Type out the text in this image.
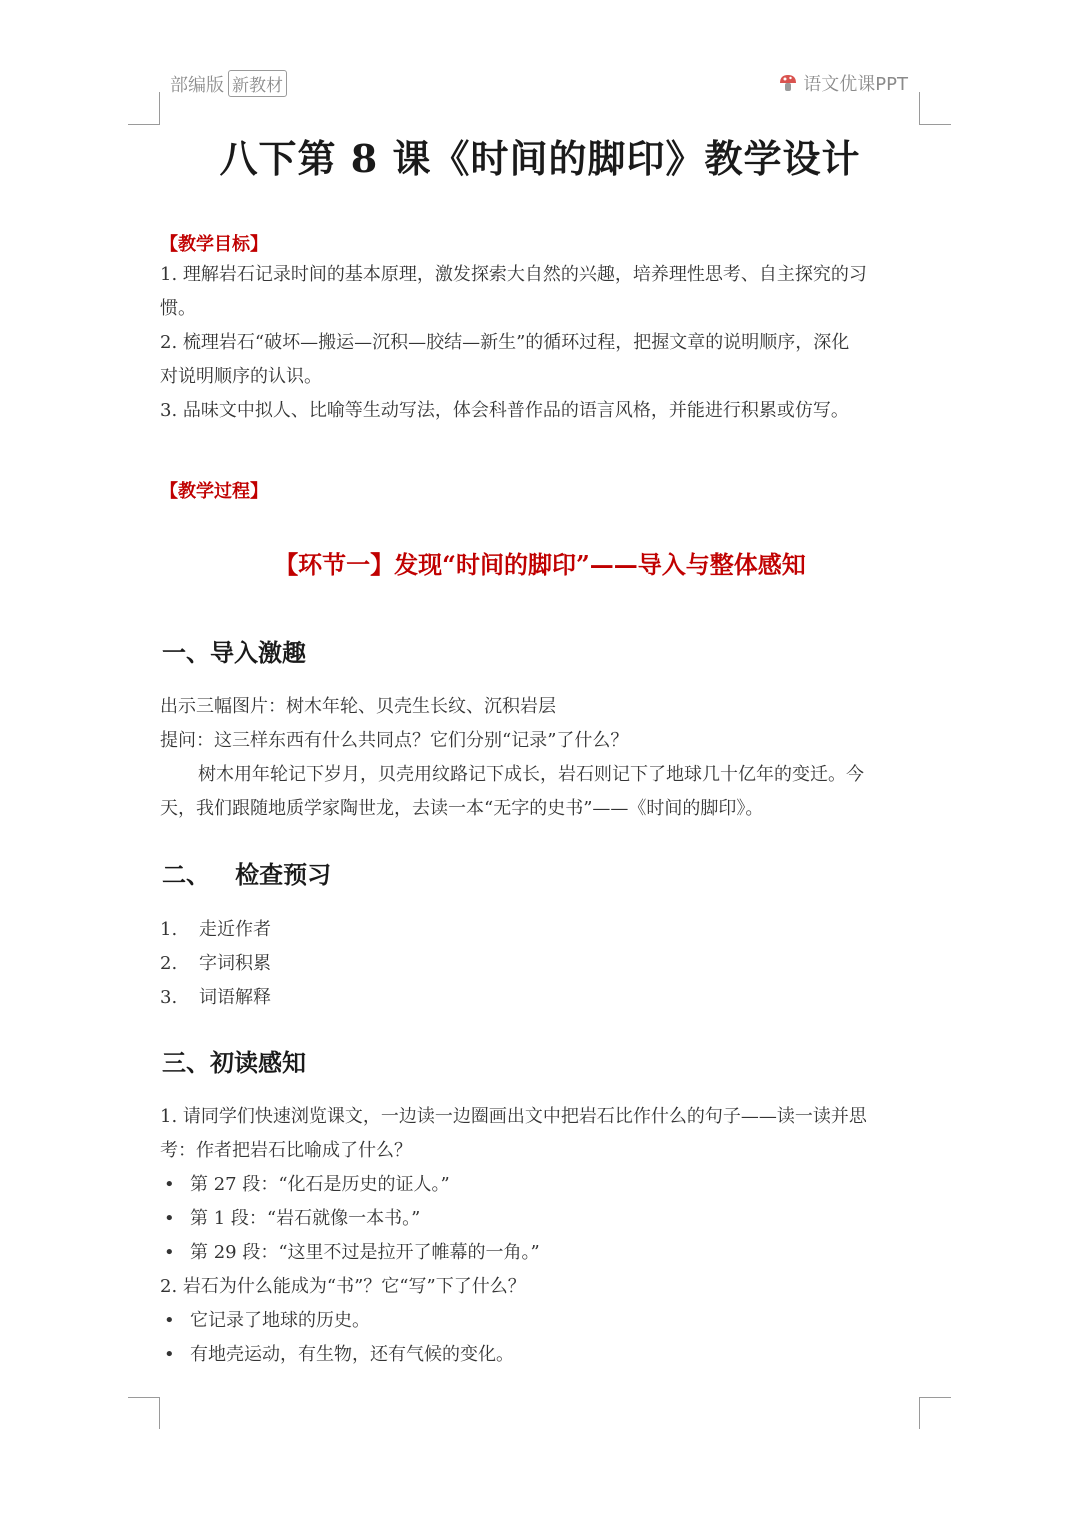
部编版 新教材	语文优课PPT
八下第 8 课《时间的脚印》教学设计
【教学目标】
1. 理解岩石记录时间的基本原理，激发探索大自然的兴趣，培养理性思考、自主探究的习
惯。
2. 梳理岩石“破坏—搬运—沉积—胶结—新生”的循环过程，把握文章的说明顺序，深化
对说明顺序的认识。
3. 品味文中拟人、比喻等生动写法，体会科普作品的语言风格，并能进行积累或仿写。
【教学过程】
【环节一】发现“时间的脚印”——导入与整体感知
一、导入激趣
出示三幅图片：树木年轮、贝壳生长纹、沉积岩层
提问：这三样东西有什么共同点？它们分别“记录”了什么？
树木用年轮记下岁月，贝壳用纹路记下成长，岩石则记下了地球几十亿年的变迁。今
天，我们跟随地质学家陶世龙，去读一本“无字的史书”——《时间的脚印》。
二、   检查预习
1. 走近作者
2. 字词积累
3. 词语解释
三、初读感知
1. 请同学们快速浏览课文，一边读一边圈画出文中把岩石比作什么的句子——读一读并思
考：作者把岩石比喻成了什么？
• 第 27 段：“化石是历史的证人。”
• 第 1 段：“岩石就像一本书。”
• 第 29 段：“这里不过是拉开了帷幕的一角。”
2. 岩石为什么能成为“书”？它“写”下了什么？
• 它记录了地球的历史。
• 有地壳运动，有生物，还有气候的变化。
